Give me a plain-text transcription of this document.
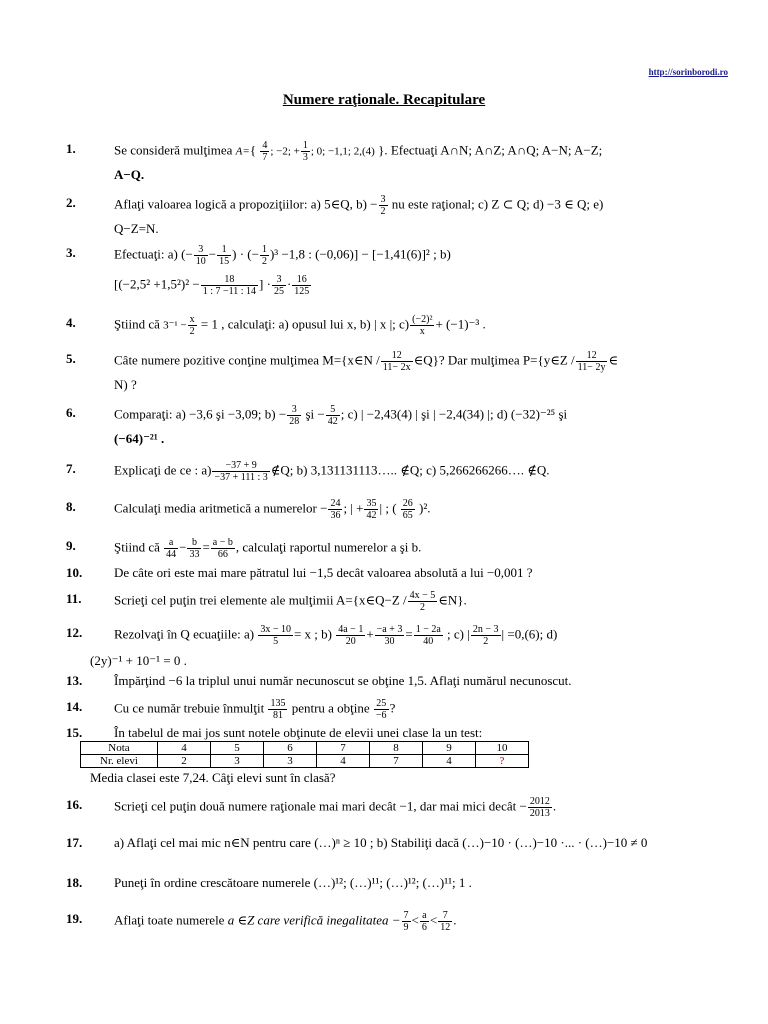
http://sorinborodi.ro
Numere raţionale. Recapitulare
1.	Se consideră mulţimea $A=\{ \frac{4}{7}$ ; −2; + $\frac{1}{3}$ ; 0; −1,1; 2,(4) }. Efectuaţi A∩N; A∩Z; A∩Q; A−N; A−Z;
A−Q.
2.	Aflaţi valoarea logică a propoziţiilor: a) 5∈Q, $b) - \frac{3}{2}$ nu este raţional; c) Z ⊂ Q; d) −3 ∈ Q; e)
Q−Z=N.
3.	Efectuaţi: a) (− $\frac{3}{10} - \frac{1}{15}$ ) · (− $\frac{1}{2} )^3 -1,8$ : (−0,06)] − [−1,41(6)]² ; b)
[$(-2,5^2 +1,5^2)^2 - \frac{18}{1 : 7 -11 : 14}$ ] · $\frac{3}{25} \cdot \frac{16}{125}$
4.	Ştiind că $3^{-1} - \frac{x}{2} = 1$ , calculaţi: a) opusul lui x, b) | x |; $c) \frac{\text{(−2)²}}{x} + (-1)^{-3}$ .
5.	Câte numere pozitive conţine mulţimea M={x∈N / $\frac{12}{11- 2x}$ ∈Q}? Dar mulţimea P={y∈Z / $\frac{12}{11- 2y}$ ∈
N) ?
6.	Comparaţi: a) −3,6 şi −3,09; $b) - \frac{3}{28}$ şi − $\frac{5}{42}$ ; c) | −2,43(4) | şi | −2,4(34) |; d) (−32)⁻²⁵ şi
(−64)⁻²¹ .
7.	Explicaţi de ce : $a) \frac{-37 + 9}{-37 + 111 : 3}$ ∉Q; b) 3,131131113….. ∉Q; c) 5,266266266…. ∉Q.
8.	Calculaţi media aritmetică a numerelor − $\frac{24}{36}$ ; | + $\frac{35}{42}$ | ; ( $\frac{26}{65} )^2$.
9.	Ştiind că $\frac{a}{44} - \frac{b}{33} = \frac{a - b}{66}$ , calculaţi raportul numerelor a şi b.
10.	De câte ori este mai mare pătratul lui −1,5 decât valoarea absolută a lui −0,001 ?
11.	Scrieţi cel puţin trei elemente ale mulţimii A={x∈Q−Z / $\frac{4x - 5}{2}$ ∈N}.
12.	Rezolvaţi în Q ecuaţiile: $a) \frac{3x - 10}{5} = x$ ; $b) \frac{4a - 1}{20} + \frac{-a + 3}{30} = \frac{1 - 2a}{40}$ ; c) | $\frac{2n - 3}{2}$ | =0,(6); d)
(2y)⁻¹ + 10⁻¹ = 0 .
13.	Împărţind −6 la triplul unui număr necunoscut se obţine 1,5. Aflaţi numărul necunoscut.
14.	Cu ce număr trebuie înmulţit $\frac{135}{81}$ pentru a obţine $\frac{25}{-6}$ ?
15.	În tabelul de mai jos sunt notele obţinute de elevii unei clase la un test:
Nota	4	5	6	7	8	9	10
Nr. elevi	2	3	3	4	7	4	?
Media clasei este 7,24. Câţi elevi sunt în clasă?
16.	Scrieţi cel puţin două numere raţionale mai mari decât −1, dar mai mici decât − $\frac{2012}{2013}$ .
17.	a) Aflaţi cel mai mic n∈N pentru care (…)ⁿ ≥ 10 ; b) Stabiliţi dacă (…)−10 · (…)−10 ·... · (…)−10 ≠ 0
18.	Puneţi în ordine crescătoare numerele (…)¹²; (…)¹¹; (…)¹²; (…)¹¹; 1 .
19.	Aflaţi toate numerele a ∈Z care verifică inegalitatea − $\frac{7}{9} < \frac{a}{6} < \frac{7}{12}$ .
